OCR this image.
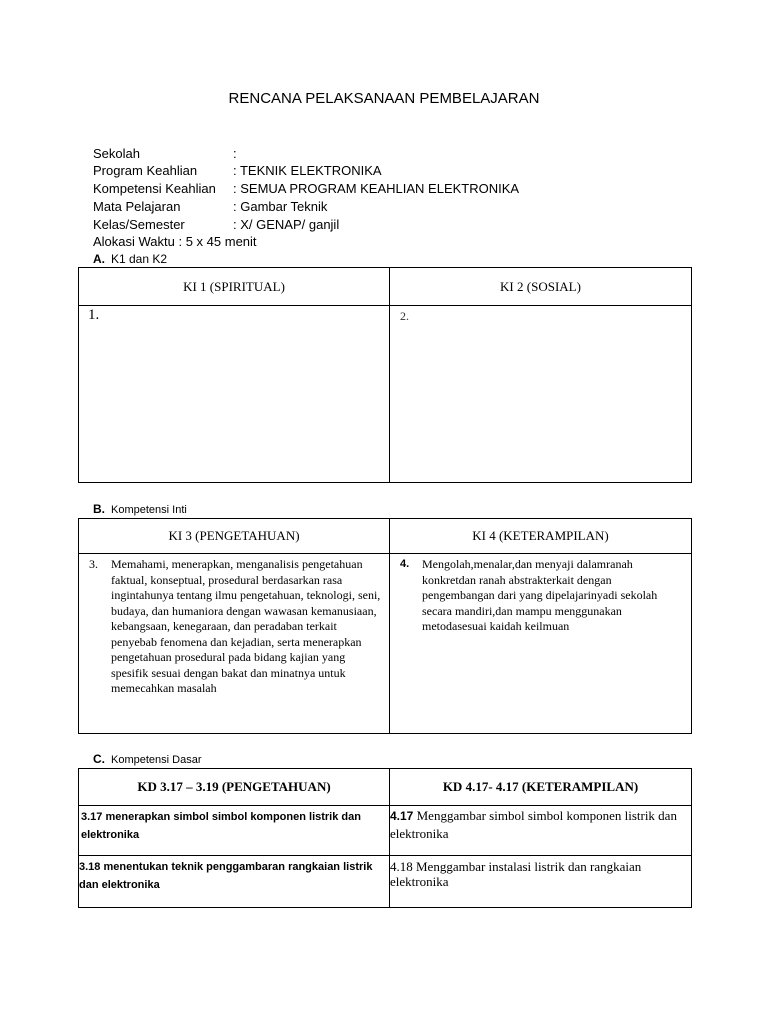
RENCANA PELAKSANAAN PEMBELAJARAN
Sekolah	:
Program Keahlian	: TEKNIK ELEKTRONIKA
Kompetensi Keahlian : SEMUA PROGRAM KEAHLIAN ELEKTRONIKA
Mata Pelajaran	: Gambar Teknik
Kelas/Semester	: X/ GENAP/ ganjil
Alokasi Waktu : 5 x 45 menit
A. K1 dan K2
KI 1 (SPIRITUAL)	KI 2 (SOSIAL)
1.	2.
B. Kompetensi Inti
KI 3 (PENGETAHUAN)	KI 4 (KETERAMPILAN)

3. Memahami, menerapkan, menganalisis pengetahuan faktual, konseptual, prosedural berdasarkan rasa ingintahunya tentang ilmu pengetahuan, teknologi, seni, budaya, dan humaniora dengan wawasan kemanusiaan, kebangsaan, kenegaraan, dan peradaban terkait penyebab fenomena dan kejadian, serta menerapkan pengetahuan prosedural pada bidang kajian yang spesifik sesuai dengan bakat dan minatnya untuk memecahkan masalah	4. Mengolah,menalar,dan menyaji dalamranah konkretdan ranah abstrakterkait dengan pengembangan dari yang dipelajarinyadi sekolah secara mandiri,dan mampu menggunakan metodasesuai kaidah keilmuan
C. Kompetensi Dasar
KD 3.17 – 3.19 (PENGETAHUAN)	KD 4.17- 4.17 (KETERAMPILAN)
3.17 menerapkan simbol simbol komponen listrik dan elektronika	4.17 Menggambar simbol simbol komponen listrik dan elektronika
3.18 menentukan teknik penggambaran rangkaian listrik dan elektronika	4.18 Menggambar instalasi listrik dan rangkaian elektronika
